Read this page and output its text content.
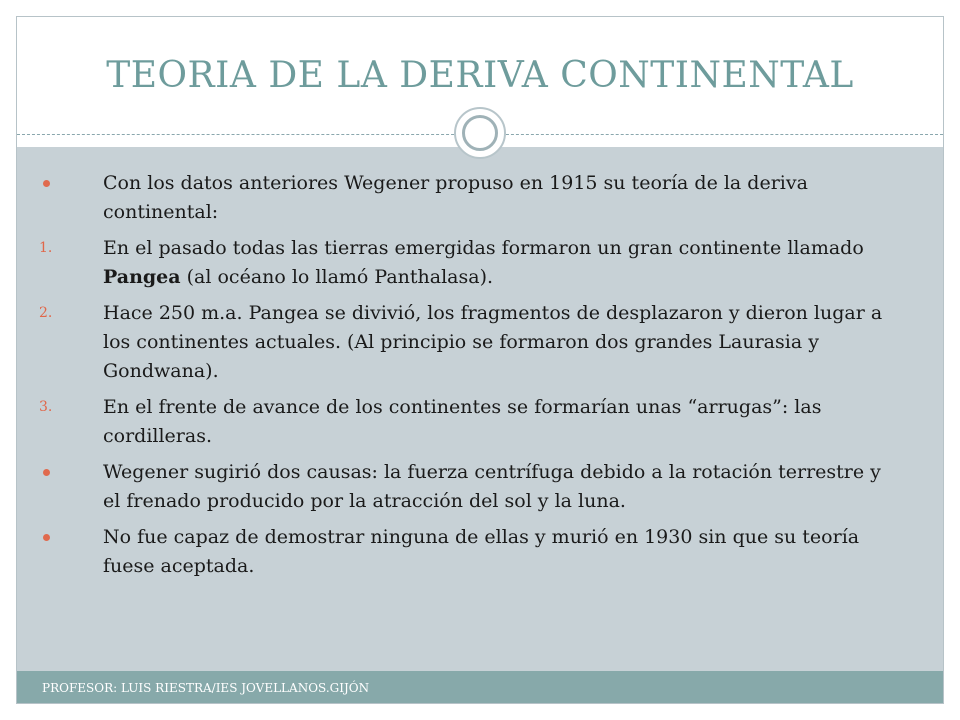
TEORIA DE LA DERIVA CONTINENTAL
Con los datos anteriores Wegener propuso en 1915 su teoría de la deriva continental:
1.	En el pasado todas las tierras emergidas formaron un gran continente llamado Pangea (al océano lo llamó Panthalasa).
2.	Hace 250 m.a. Pangea se divivió, los fragmentos de desplazaron y dieron lugar a los continentes actuales. (Al principio se formaron dos grandes Laurasia y Gondwana).
3.	En el frente de avance de los continentes se formarían unas “arrugas”: las cordilleras.
Wegener sugirió dos causas: la fuerza centrífuga debido a la rotación terrestre y el frenado producido por la atracción del sol y la luna.
No fue capaz de demostrar ninguna de ellas y murió en 1930 sin que su teoría fuese aceptada.
PROFESOR: LUIS RIESTRA/IES JOVELLANOS.GIJÓN
